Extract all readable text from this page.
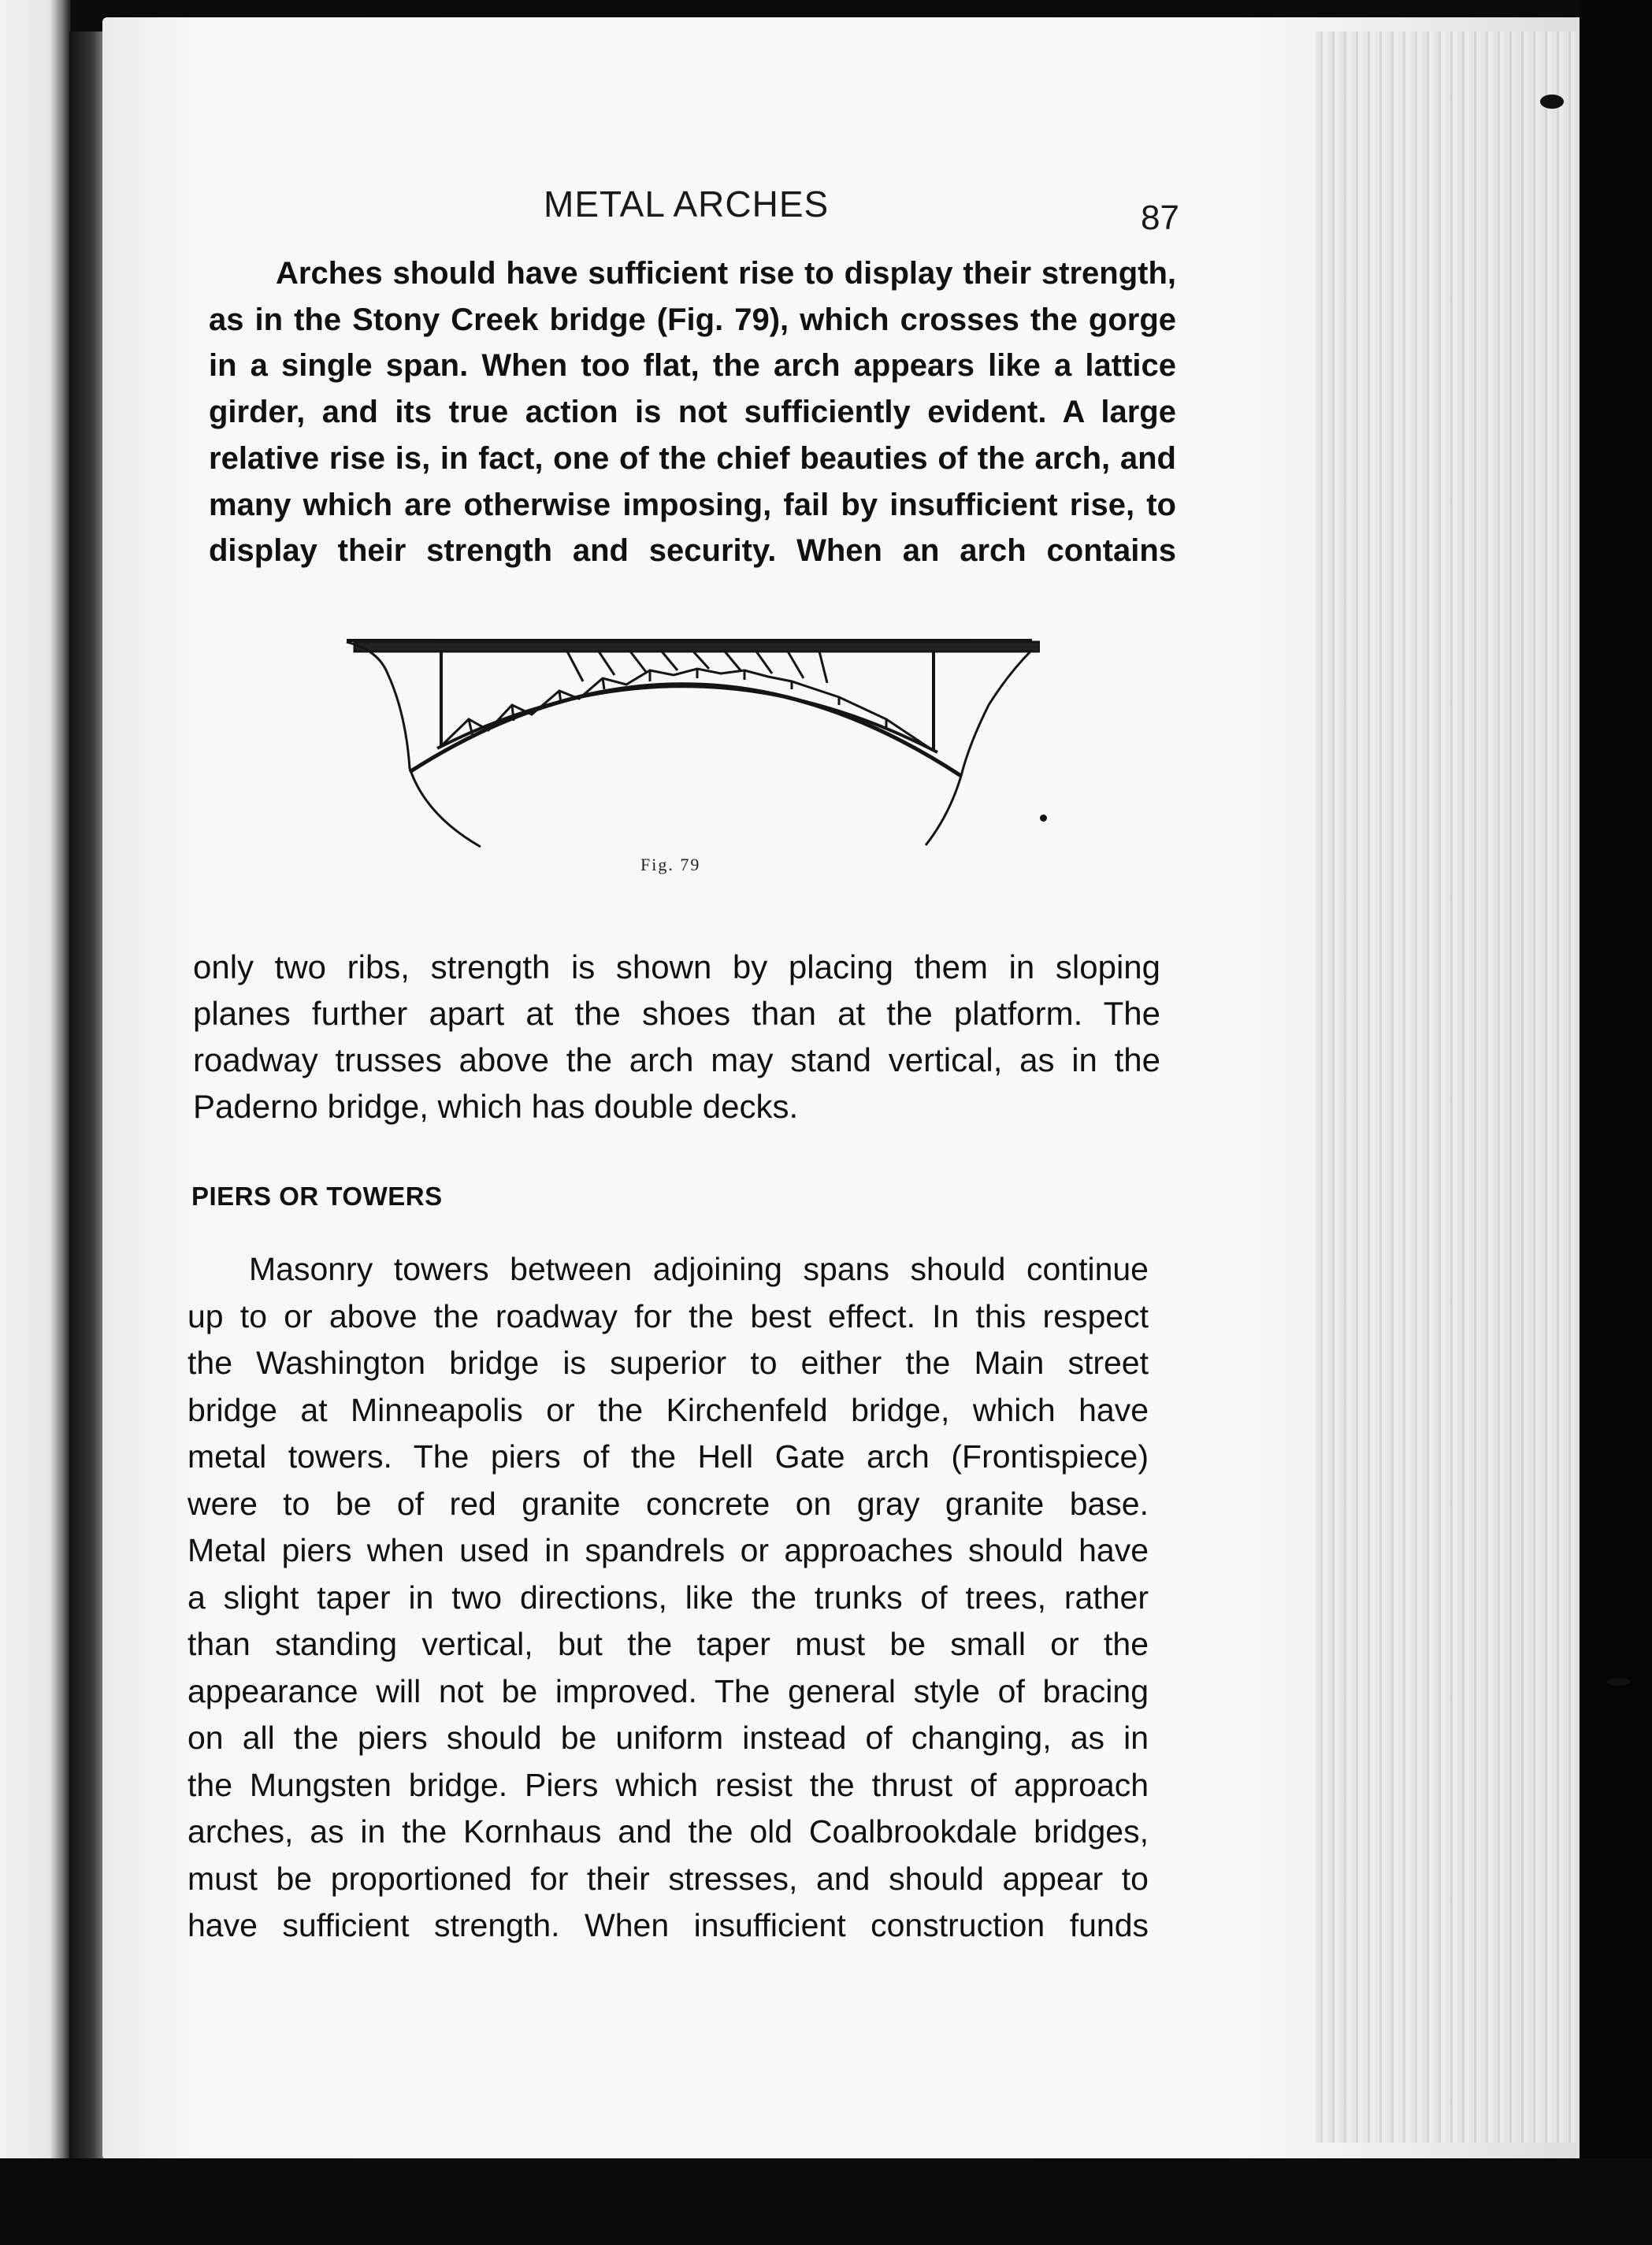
METAL ARCHES	87
Arches should have sufficient rise to display their strength,
as in the Stony Creek bridge (Fig. 79), which crosses the gorge
in a single span. When too flat, the arch appears like a lattice
girder, and its true action is not sufficiently evident. A large
relative rise is, in fact, one of the chief beauties of the arch, and
many which are otherwise imposing, fail by insufficient rise, to
display their strength and security. When an arch contains
Fig. 79
only two ribs, strength is shown by placing them in sloping
planes further apart at the shoes than at the platform. The
roadway trusses above the arch may stand vertical, as in the
Paderno bridge, which has double decks.
PIERS OR TOWERS
Masonry towers between adjoining spans should continue
up to or above the roadway for the best effect. In this respect
the Washington bridge is superior to either the Main street
bridge at Minneapolis or the Kirchenfeld bridge, which have
metal towers. The piers of the Hell Gate arch (Frontispiece)
were to be of red granite concrete on gray granite base.
Metal piers when used in spandrels or approaches should have
a slight taper in two directions, like the trunks of trees, rather
than standing vertical, but the taper must be small or the
appearance will not be improved. The general style of bracing
on all the piers should be uniform instead of changing, as in
the Mungsten bridge. Piers which resist the thrust of approach
arches, as in the Kornhaus and the old Coalbrookdale bridges,
must be proportioned for their stresses, and should appear to
have sufficient strength. When insufficient construction funds
